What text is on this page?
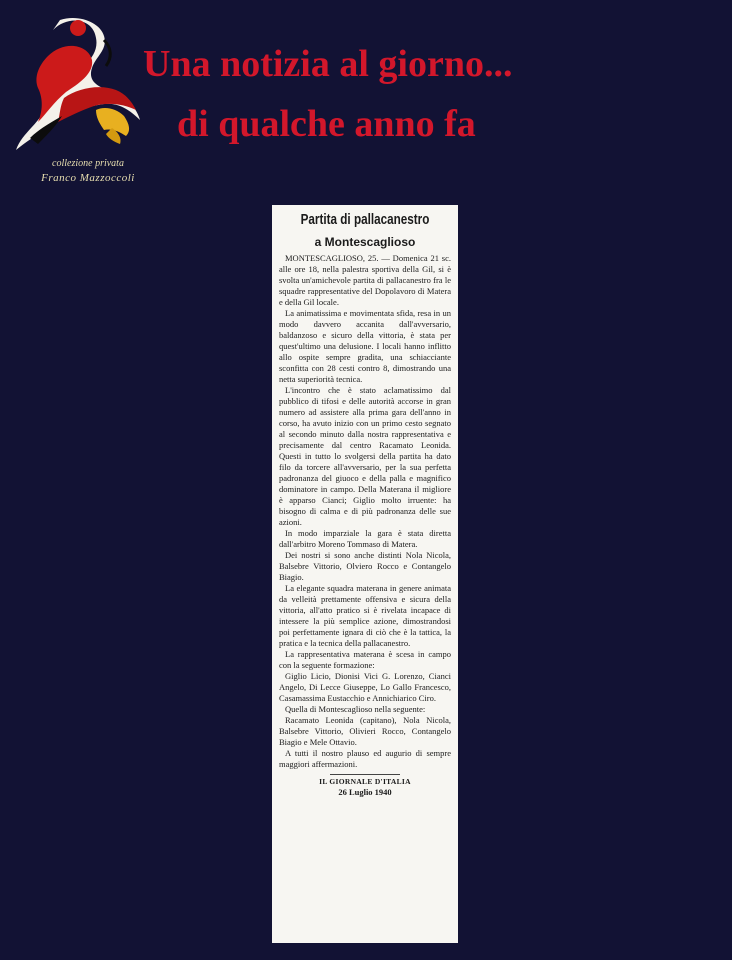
collezione privata
Franco Mazzoccoli
Una notizia al giorno...
di qualche anno fa
Partita di pallacanestro
a Montescaglioso

MONTESCAGLIOSO, 25. — Domenica 21 sc. alle ore 18, nella palestra sportiva della Gil, si è svolta un'amichevole partita di pallacanestro fra le squadre rappresentative del Dopolavoro di Matera e della Gil locale.

La animatissima e movimentata sfida, resa in un modo davvero accanita dall'avversario, baldanzoso e sicuro della vittoria, è stata per quest'ultimo una delusione. I locali hanno inflitto allo ospite sempre gradita, una schiacciante sconfitta con 28 cesti contro 8, dimostrando una netta superiorità tecnica.

L'incontro che è stato aclamatissimo dal pubblico di tifosi e delle autorità accorse in gran numero ad assistere alla prima gara dell'anno in corso, ha avuto inizio con un primo cesto segnato al secondo minuto dalla nostra rappresentativa e precisamente dal centro Racamato Leonida. Questi in tutto lo svolgersi della partita ha dato filo da torcere all'avversario, per la sua perfetta padronanza del giuoco e della palla e magnifico dominatore in campo. Della Materana il migliore è apparso Cianci; Giglio molto irruente: ha bisogno di calma e di più padronanza delle sue azioni.

In modo imparziale la gara è stata diretta dall'arbitro Moreno Tommaso di Matera.

Dei nostri si sono anche distinti Nola Nicola, Balsebre Vittorio, Olviero Rocco e Contangelo Biagio.

La elegante squadra materana in genere animata da velleità prettamente offensiva e sicura della vittoria, all'atto pratico si è rivelata incapace di intessere la più semplice azione, dimostrandosi poi perfettamente ignara di ciò che è la tattica, la pratica e la tecnica della pallacanestro.

La rappresentativa materana è scesa in campo con la seguente formazione:

Giglio Licio, Dionisi Vici G. Lorenzo, Cianci Angelo, Di Lecce Giuseppe, Lo Gallo Francesco, Casamassima Eustacchio e Annichiarico Ciro.

Quella di Montescaglioso nella seguente:

Racamato Leonida (capitano), Nola Nicola, Balsebre Vittorio, Olivieri Rocco, Contangelo Biagio e Mele Ottavio.

A tutti il nostro plauso ed augurio di sempre maggiori affermazioni.

IL GIORNALE D'ITALIA
26 Luglio 1940
